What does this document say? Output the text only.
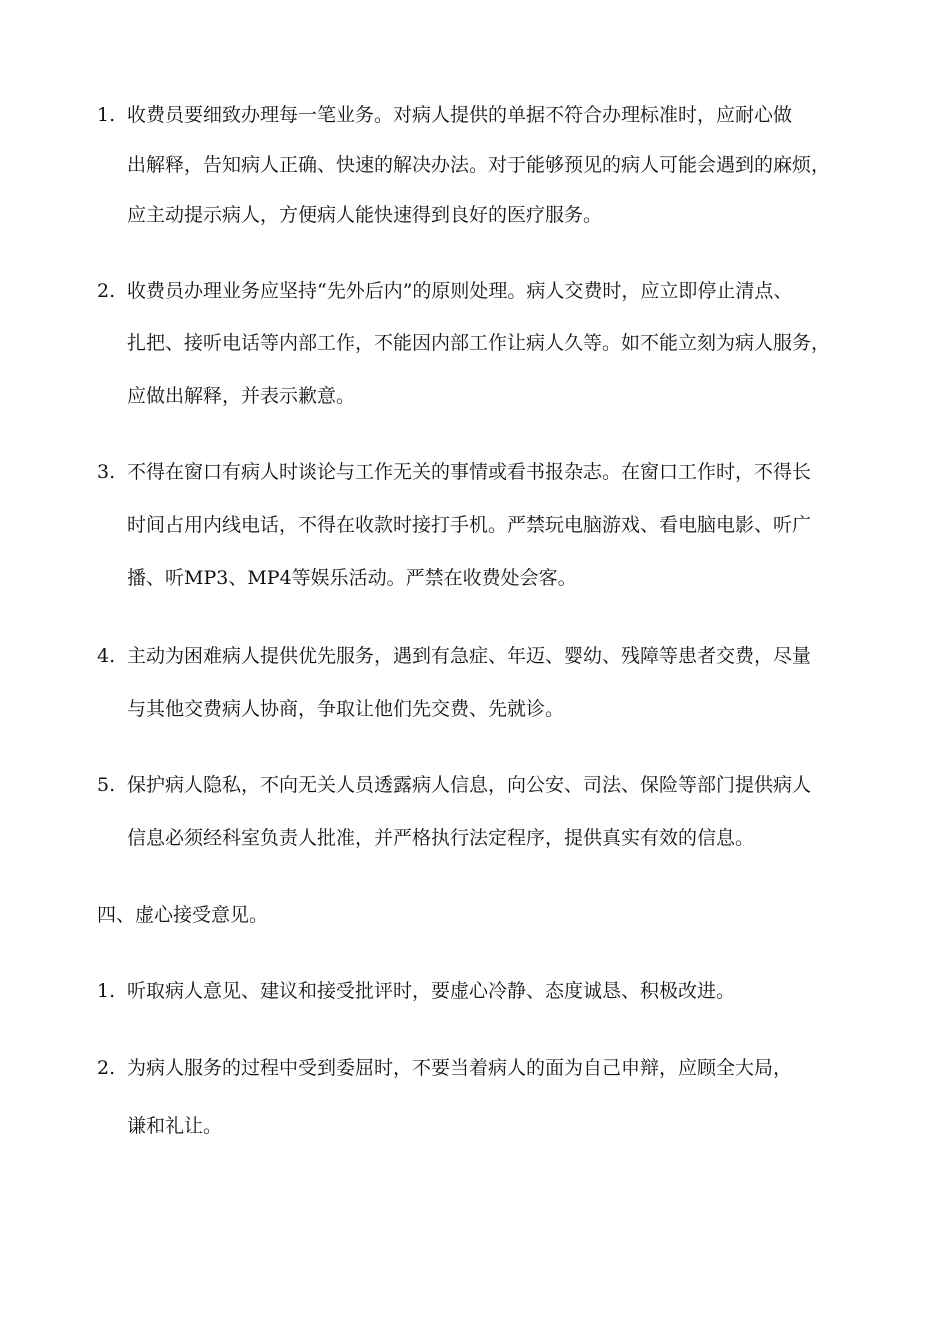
1. 收费员要细致办理每一笔业务。对病人提供的单据不符合办理标准时，应耐心做
出解释，告知病人正确、快速的解决办法。对于能够预见的病人可能会遇到的麻烦，
应主动提示病人，方便病人能快速得到良好的医疗服务。
2. 收费员办理业务应坚持“先外后内”的原则处理。病人交费时，应立即停止清点、
扎把、接听电话等内部工作，不能因内部工作让病人久等。如不能立刻为病人服务，
应做出解释，并表示歉意。
3. 不得在窗口有病人时谈论与工作无关的事情或看书报杂志。在窗口工作时，不得长
时间占用内线电话，不得在收款时接打手机。严禁玩电脑游戏、看电脑电影、听广
播、听MP3、MP4等娱乐活动。严禁在收费处会客。
4. 主动为困难病人提供优先服务，遇到有急症、年迈、婴幼、残障等患者交费，尽量
与其他交费病人协商，争取让他们先交费、先就诊。
5. 保护病人隐私，不向无关人员透露病人信息，向公安、司法、保险等部门提供病人
信息必须经科室负责人批准，并严格执行法定程序，提供真实有效的信息。
四、虚心接受意见。
1. 听取病人意见、建议和接受批评时，要虚心冷静、态度诚恳、积极改进。
2. 为病人服务的过程中受到委屈时，不要当着病人的面为自己申辩，应顾全大局，
谦和礼让。
